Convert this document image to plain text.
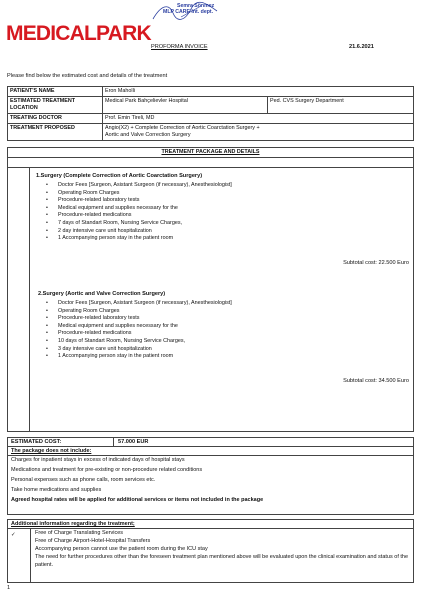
MEDICALPARK
Semra Sönmez
MLP CARE Int. dept.
PROFORMA INVOICE	21.6.2021
Please find below the estimated cost and details of the treatment
PATIENT'S NAME	Eron Maholli	
ESTIMATED TREATMENT LOCATION	Medical Park Bahçelievler Hospital	Ped. CVS Surgery Department
TREATING DOCTOR	Prof. Emin Tireli, MD	
TREATMENT PROPOSED	Angio(X2) + Complete Correction of Aortic Coarctation Surgery + Aortic and Valve Correction Surgery	
TREATMENT PACKAGE AND DETAILS
1.Surgery (Complete Correction of Aortic Coarctation Surgery)
• Doctor Fees [Surgeon, Asistant Surgeon (if necessary), Anesthesiologist]
• Operating Room Charges
• Procedure-related laboratory tests
• Medical equipment and supplies necessary for the
• Procedure-related medications
• 7 days of Standart Room, Nursing Service Charges,
• 2 day intensive care unit hospitalization
• 1 Accompanying person stay in the patient room
Subtotal cost: 22.500 Euro
2.Surgery (Aortic and Valve Correction Surgery)
• Doctor Fees [Surgeon, Asistant Surgeon (if necessary), Anesthesiologist]
• Operating Room Charges
• Procedure-related laboratory tests
• Medical equipment and supplies necessary for the
• Procedure-related medications
• 10 days of Standart Room, Nursing Service Charges,
• 3 day intensive care unit hospitalization
• 1 Accompanying person stay in the patient room
Subtotal cost: 34.500 Euro
ESTIMATED COST:	57.000 EUR
The package does not include:
Charges for inpatient stays in excess of indicated days of hospital stays
Medications and treatment for pre-existing or non-procedure related conditions
Personal expenses such as phone calls, room services etc.
Take home medications and supplies
Agreed hospital rates will be applied for additional services or items not included in the package
Additional information regarding the treatment;
✓	Free of Charge Translating Services
Free of Charge Airport-Hotel-Hospital Transfers
Accompanying person cannot use the patient room during the ICU stay
The need for further procedures other than the foreseen treatment plan mentioned above will be evaluated upon the clinical examination and status of the patient.
1
